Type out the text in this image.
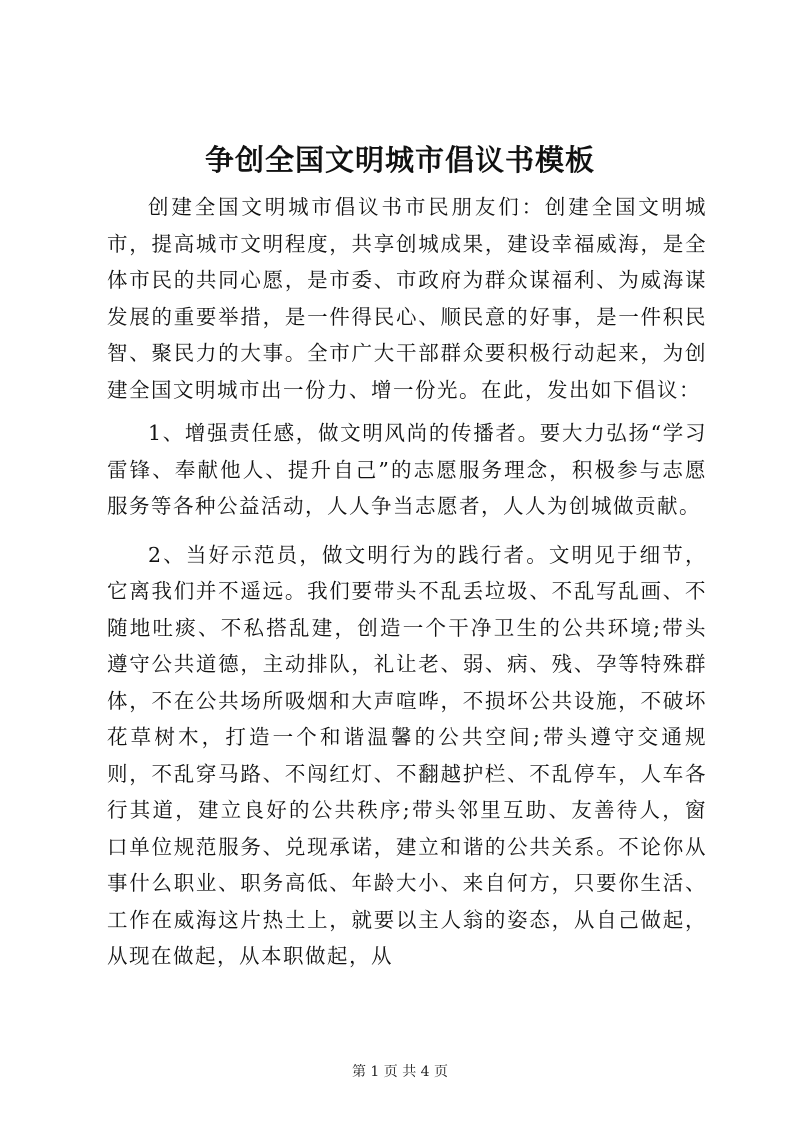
争创全国文明城市倡议书模板

创建全国文明城市倡议书市民朋友们：创建全国文明城市，提高城市文明程度，共享创城成果，建设幸福威海，是全体市民的共同心愿，是市委、市政府为群众谋福利、为威海谋发展的重要举措，是一件得民心、顺民意的好事，是一件积民智、聚民力的大事。全市广大干部群众要积极行动起来，为创建全国文明城市出一份力、增一份光。在此，发出如下倡议：

1、增强责任感，做文明风尚的传播者。要大力弘扬“学习雷锋、奉献他人、提升自己”的志愿服务理念，积极参与志愿服务等各种公益活动，人人争当志愿者，人人为创城做贡献。

2、当好示范员，做文明行为的践行者。文明见于细节，它离我们并不遥远。我们要带头不乱丢垃圾、不乱写乱画、不随地吐痰、不私搭乱建，创造一个干净卫生的公共环境;带头遵守公共道德，主动排队，礼让老、弱、病、残、孕等特殊群体，不在公共场所吸烟和大声喧哗，不损坏公共设施，不破坏花草树木，打造一个和谐温馨的公共空间;带头遵守交通规则，不乱穿马路、不闯红灯、不翻越护栏、不乱停车，人车各行其道，建立良好的公共秩序;带头邻里互助、友善待人，窗口单位规范服务、兑现承诺，建立和谐的公共关系。不论你从事什么职业、职务高低、年龄大小、来自何方，只要你生活、工作在威海这片热土上，就要以主人翁的姿态，从自己做起，从现在做起，从本职做起，从

第 1 页 共 4 页
